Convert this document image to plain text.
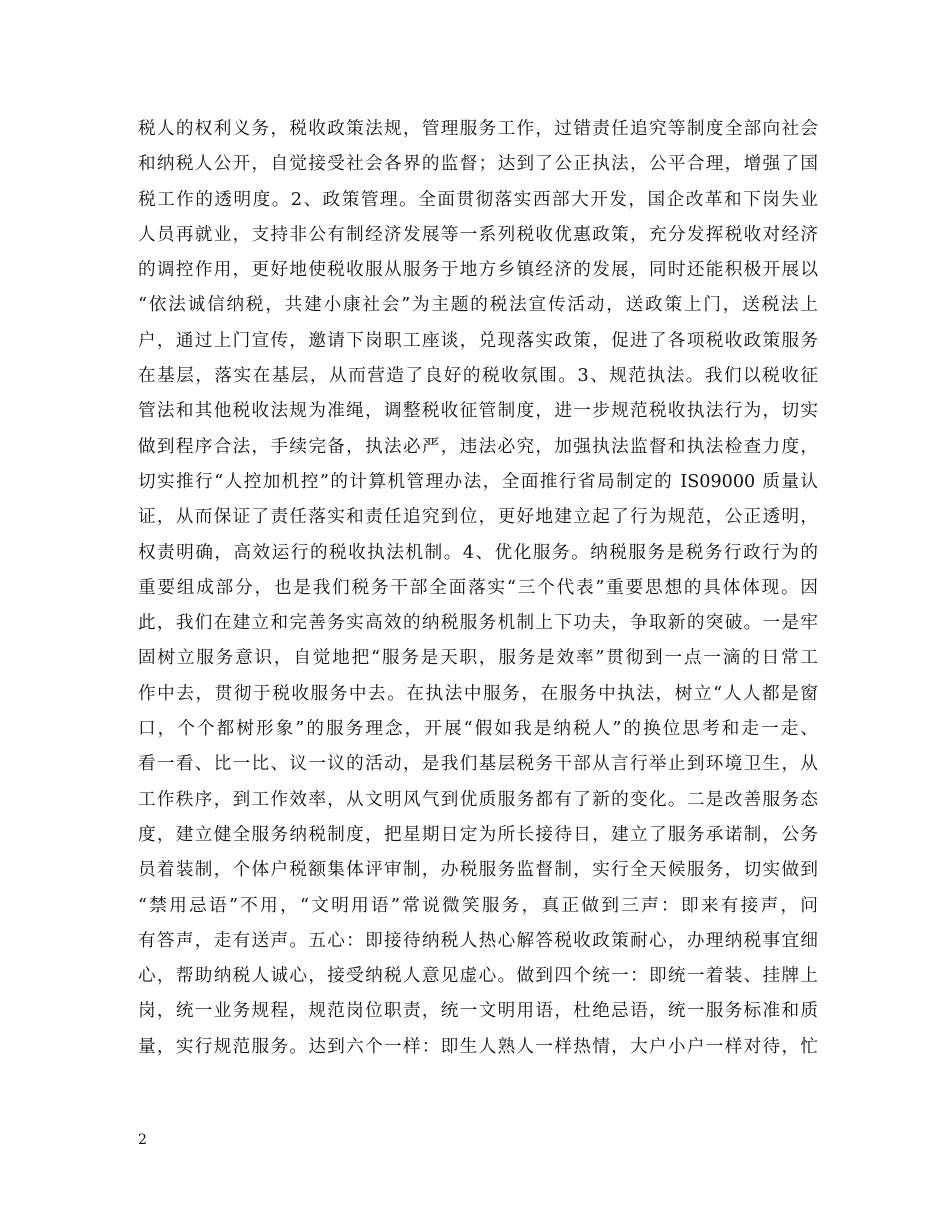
税人的权利义务，税收政策法规，管理服务工作，过错责任追究等制度全部向社会
和纳税人公开，自觉接受社会各界的监督；达到了公正执法，公平合理，增强了国
税工作的透明度。2、政策管理。全面贯彻落实西部大开发，国企改革和下岗失业
人员再就业，支持非公有制经济发展等一系列税收优惠政策，充分发挥税收对经济
的调控作用，更好地使税收服从服务于地方乡镇经济的发展，同时还能积极开展以
“依法诚信纳税，共建小康社会”为主题的税法宣传活动，送政策上门，送税法上
户，通过上门宣传，邀请下岗职工座谈，兑现落实政策，促进了各项税收政策服务
在基层，落实在基层，从而营造了良好的税收氛围。3、规范执法。我们以税收征
管法和其他税收法规为准绳，调整税收征管制度，进一步规范税收执法行为，切实
做到程序合法，手续完备，执法必严，违法必究，加强执法监督和执法检查力度，
切实推行“人控加机控”的计算机管理办法，全面推行省局制定的 IS09000 质量认
证，从而保证了责任落实和责任追究到位，更好地建立起了行为规范，公正透明，
权责明确，高效运行的税收执法机制。4、优化服务。纳税服务是税务行政行为的
重要组成部分，也是我们税务干部全面落实“三个代表”重要思想的具体体现。因
此，我们在建立和完善务实高效的纳税服务机制上下功夫，争取新的突破。一是牢
固树立服务意识，自觉地把“服务是天职，服务是效率”贯彻到一点一滴的日常工
作中去，贯彻于税收服务中去。在执法中服务，在服务中执法，树立“人人都是窗
口，个个都树形象”的服务理念，开展“假如我是纳税人”的换位思考和走一走、
看一看、比一比、议一议的活动，是我们基层税务干部从言行举止到环境卫生，从
工作秩序，到工作效率，从文明风气到优质服务都有了新的变化。二是改善服务态
度，建立健全服务纳税制度，把星期日定为所长接待日，建立了服务承诺制，公务
员着装制，个体户税额集体评审制，办税服务监督制，实行全天候服务，切实做到
“禁用忌语”不用，“文明用语”常说微笑服务，真正做到三声：即来有接声，问
有答声，走有送声。五心：即接待纳税人热心解答税收政策耐心，办理纳税事宜细
心，帮助纳税人诚心，接受纳税人意见虚心。做到四个统一：即统一着装、挂牌上
岗，统一业务规程，规范岗位职责，统一文明用语，杜绝忌语，统一服务标准和质
量，实行规范服务。达到六个一样：即生人熟人一样热情，大户小户一样对待，忙
2
